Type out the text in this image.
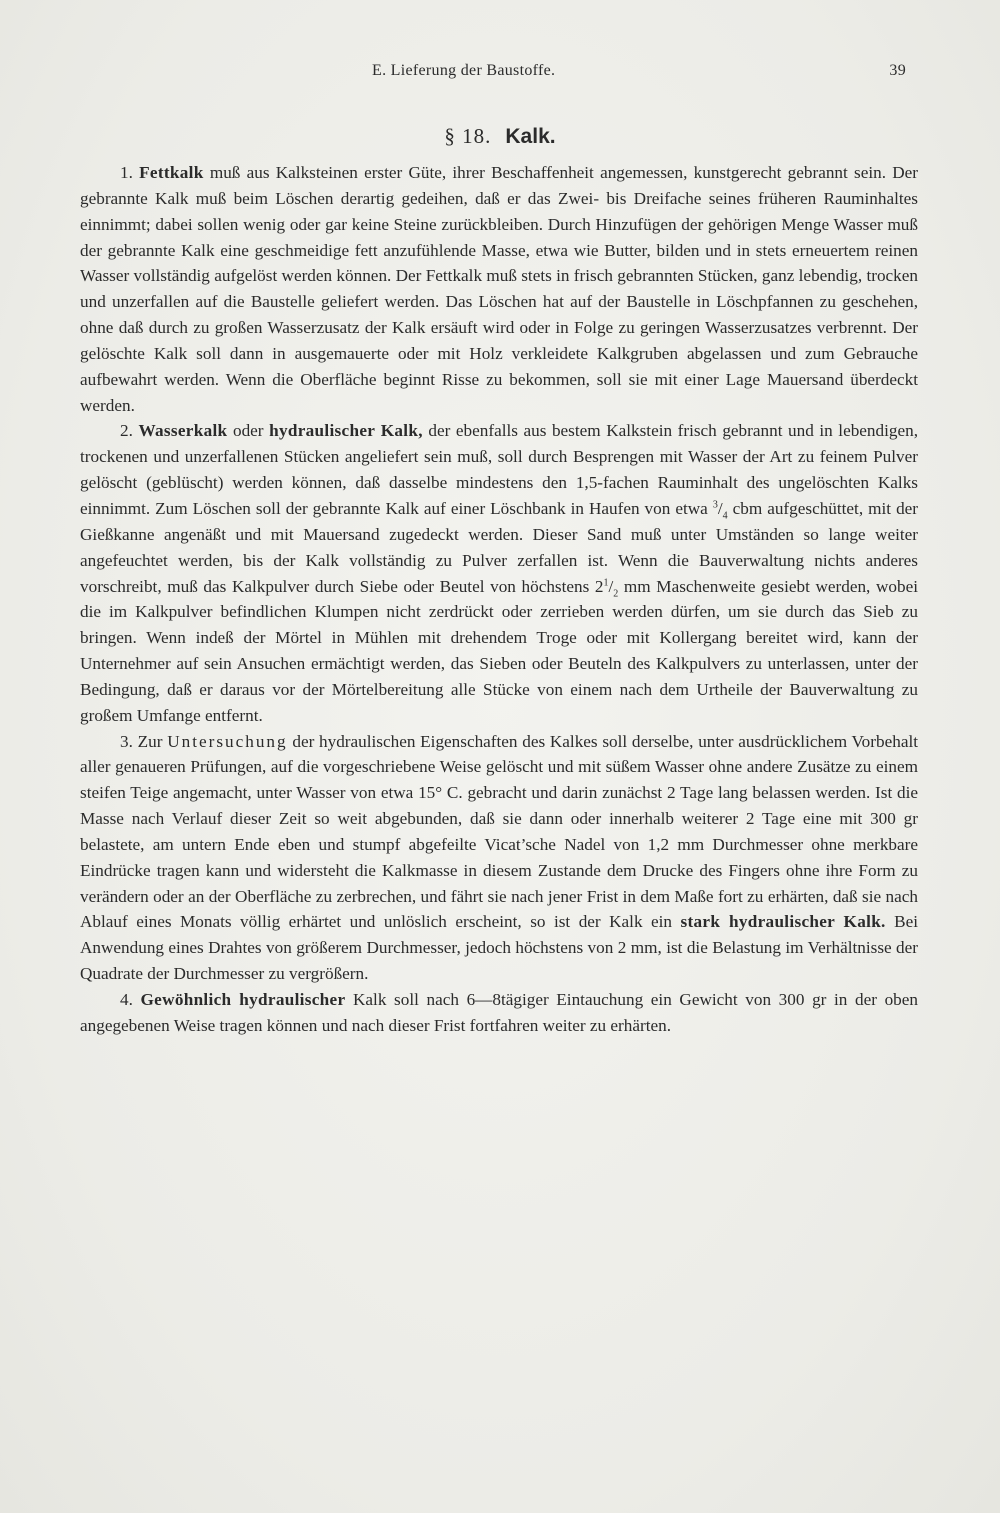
E. Lieferung der Baustoffe.	39
§ 18. Kalk.

1. Fettkalk muß aus Kalksteinen erster Güte, ihrer Beschaffenheit angemessen, kunstgerecht gebrannt sein. Der gebrannte Kalk muß beim Löschen derartig gedeihen, daß er das Zwei- bis Dreifache seines früheren Rauminhaltes einnimmt; dabei sollen wenig oder gar keine Steine zurückbleiben. Durch Hinzufügen der gehörigen Menge Wasser muß der gebrannte Kalk eine geschmeidige fett anzufühlende Masse, etwa wie Butter, bilden und in stets erneuertem reinen Wasser vollständig aufgelöst werden können. Der Fettkalk muß stets in frisch gebrannten Stücken, ganz lebendig, trocken und unzerfallen auf die Baustelle geliefert werden. Das Löschen hat auf der Baustelle in Löschpfannen zu geschehen, ohne daß durch zu großen Wasserzusatz der Kalk ersäuft wird oder in Folge zu geringen Wasserzusatzes verbrennt. Der gelöschte Kalk soll dann in ausgemauerte oder mit Holz verkleidete Kalkgruben abgelassen und zum Gebrauche aufbewahrt werden. Wenn die Oberfläche beginnt Risse zu bekommen, soll sie mit einer Lage Mauersand überdeckt werden.

2. Wasserkalk oder hydraulischer Kalk, der ebenfalls aus bestem Kalkstein frisch gebrannt und in lebendigen, trockenen und unzerfallenen Stücken angeliefert sein muß, soll durch Besprengen mit Wasser der Art zu feinem Pulver gelöscht (geblüscht) werden können, daß dasselbe mindestens den 1,5-fachen Rauminhalt des ungelöschten Kalks einnimmt. Zum Löschen soll der gebrannte Kalk auf einer Löschbank in Haufen von etwa $^3/_4$ cbm aufgeschüttet, mit der Gießkanne angenäßt und mit Mauersand zugedeckt werden. Dieser Sand muß unter Umständen so lange weiter angefeuchtet werden, bis der Kalk vollständig zu Pulver zerfallen ist. Wenn die Bauverwaltung nichts anderes vorschreibt, muß das Kalkpulver durch Siebe oder Beutel von höchstens $2^1/_2$ mm Maschenweite gesiebt werden, wobei die im Kalkpulver befindlichen Klumpen nicht zerdrückt oder zerrieben werden dürfen, um sie durch das Sieb zu bringen. Wenn indeß der Mörtel in Mühlen mit drehendem Troge oder mit Kollergang bereitet wird, kann der Unternehmer auf sein Ansuchen ermächtigt werden, das Sieben oder Beuteln des Kalkpulvers zu unterlassen, unter der Bedingung, daß er daraus vor der Mörtelbereitung alle Stücke von einem nach dem Urtheile der Bauverwaltung zu großem Umfange entfernt.

3. Zur Untersuchung der hydraulischen Eigenschaften des Kalkes soll derselbe, unter ausdrücklichem Vorbehalt aller genaueren Prüfungen, auf die vorgeschriebene Weise gelöscht und mit süßem Wasser ohne andere Zusätze zu einem steifen Teige angemacht, unter Wasser von etwa 15° C. gebracht und darin zunächst 2 Tage lang belassen werden. Ist die Masse nach Verlauf dieser Zeit so weit abgebunden, daß sie dann oder innerhalb weiterer 2 Tage eine mit 300 gr belastete, am untern Ende eben und stumpf abgefeilte Vicat’sche Nadel von 1,2 mm Durchmesser ohne merkbare Eindrücke tragen kann und widersteht die Kalkmasse in diesem Zustande dem Drucke des Fingers ohne ihre Form zu verändern oder an der Oberfläche zu zerbrechen, und fährt sie nach jener Frist in dem Maße fort zu erhärten, daß sie nach Ablauf eines Monats völlig erhärtet und unlöslich erscheint, so ist der Kalk ein stark hydraulischer Kalk. Bei Anwendung eines Drahtes von größerem Durchmesser, jedoch höchstens von 2 mm, ist die Belastung im Verhältnisse der Quadrate der Durchmesser zu vergrößern.

4. Gewöhnlich hydraulischer Kalk soll nach 6—8tägiger Eintauchung ein Gewicht von 300 gr in der oben angegebenen Weise tragen können und nach dieser Frist fortfahren weiter zu erhärten.
